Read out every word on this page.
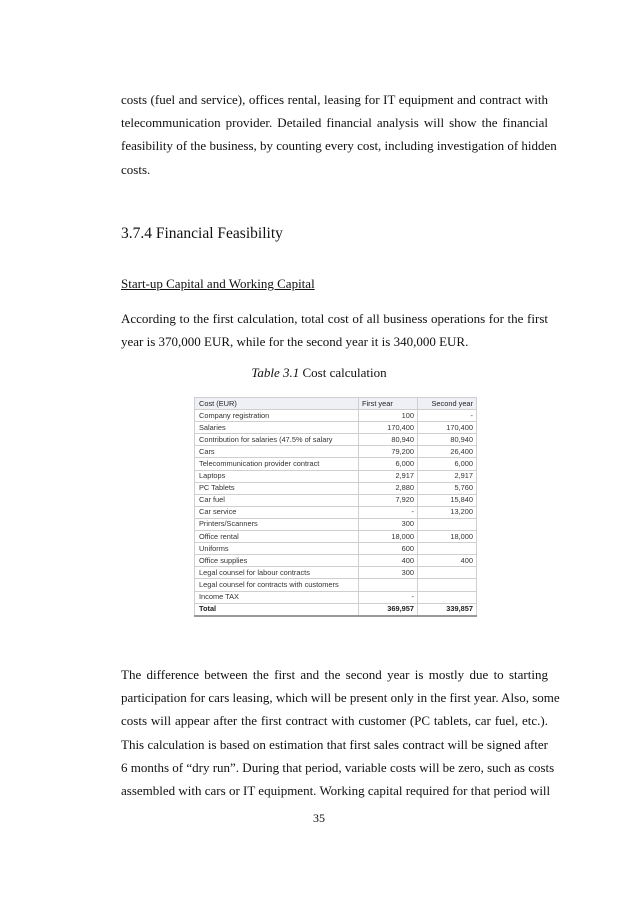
costs (fuel and service), offices rental, leasing for IT equipment and contract with
telecommunication provider. Detailed financial analysis will show the financial
feasibility of the business, by counting every cost, including investigation of hidden
costs.
3.7.4 Financial Feasibility

Start-up Capital and Working Capital

According to the first calculation, total cost of all business operations for the first
year is 370,000 EUR, while for the second year it is 340,000 EUR.

Table 3.1 Cost calculation

Cost (EUR)	First year	Second year
Company registration	100	-
Salaries	170,400	170,400
Contribution for salaries (47.5% of salary	80,940	80,940
Cars	79,200	26,400
Telecommunication provider contract	6,000	6,000
Laptops	2,917	2,917
PC Tablets	2,880	5,760
Car fuel	7,920	15,840
Car service	-	13,200
Printers/Scanners	300	
Office rental	18,000	18,000
Uniforms	600	
Office supplies	400	400
Legal counsel for labour contracts	300	
Legal counsel for contracts with customers		
Income TAX	-	
Total	369,957	339,857
The difference between the first and the second year is mostly due to starting
participation for cars leasing, which will be present only in the first year. Also, some
costs will appear after the first contract with customer (PC tablets, car fuel, etc.).
This calculation is based on estimation that first sales contract will be signed after
6 months of “dry run”. During that period, variable costs will be zero, such as costs
assembled with cars or IT equipment. Working capital required for that period will

35
